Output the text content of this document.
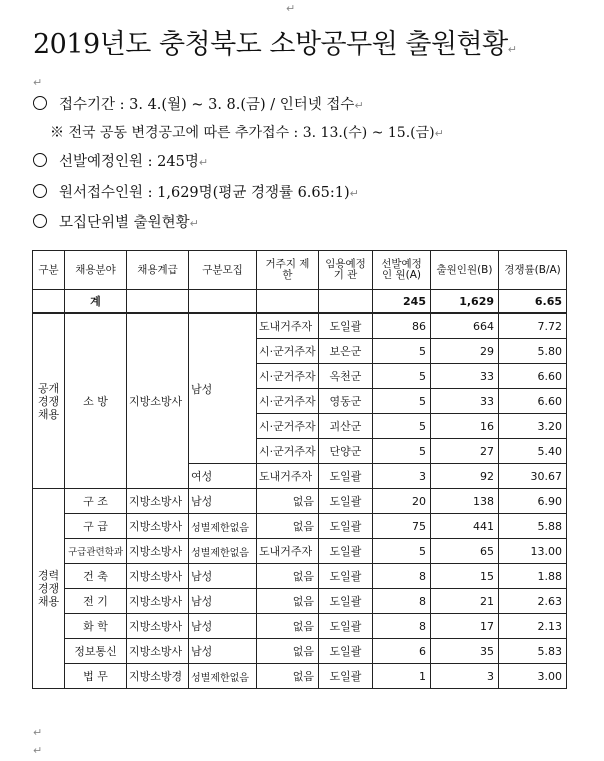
↵
2019년도 충청북도 소방공무원 출원현황↵
↵
접수기간 : 3. 4.(월) ~ 3. 8.(금) / 인터넷 접수↵
※ 전국 공동 변경공고에 따른 추가접수 : 3. 13.(수) ~ 15.(금)↵
선발예정인원 : 245명↵
원서접수인원 : 1,629명(평균 경쟁률 6.65:1)↵
모집단위별 출원현황↵
구분	채용분야	채용계급	구분모집	거주지 제 한	임용예정 기 관	선발예정 인 원(A)	출원인원(B)	경쟁률(B/A)
	계					245	1,629	6.65
공개경쟁채용	소 방	지방소방사	남성	도내거주자	도일괄	86	664	7.72
				시·군거주자	보은군	5	29	5.80
				시·군거주자	옥천군	5	33	6.60
				시·군거주자	영동군	5	33	6.60
				시·군거주자	괴산군	5	16	3.20
				시·군거주자	단양군	5	27	5.40
			여성	도내거주자	도일괄	3	92	30.67
경력경쟁채용	구 조	지방소방사	남성	없음	도일괄	20	138	6.90
	구 급	지방소방사	성별제한없음	없음	도일괄	75	441	5.88
	구급관련학과	지방소방사	성별제한없음	도내거주자	도일괄	5	65	13.00
	건 축	지방소방사	남성	없음	도일괄	8	15	1.88
	전 기	지방소방사	남성	없음	도일괄	8	21	2.63
	화 학	지방소방사	남성	없음	도일괄	8	17	2.13
	정보통신	지방소방사	남성	없음	도일괄	6	35	5.83
	법 무	지방소방경	성별제한없음	없음	도일괄	1	3	3.00
↵
↵
